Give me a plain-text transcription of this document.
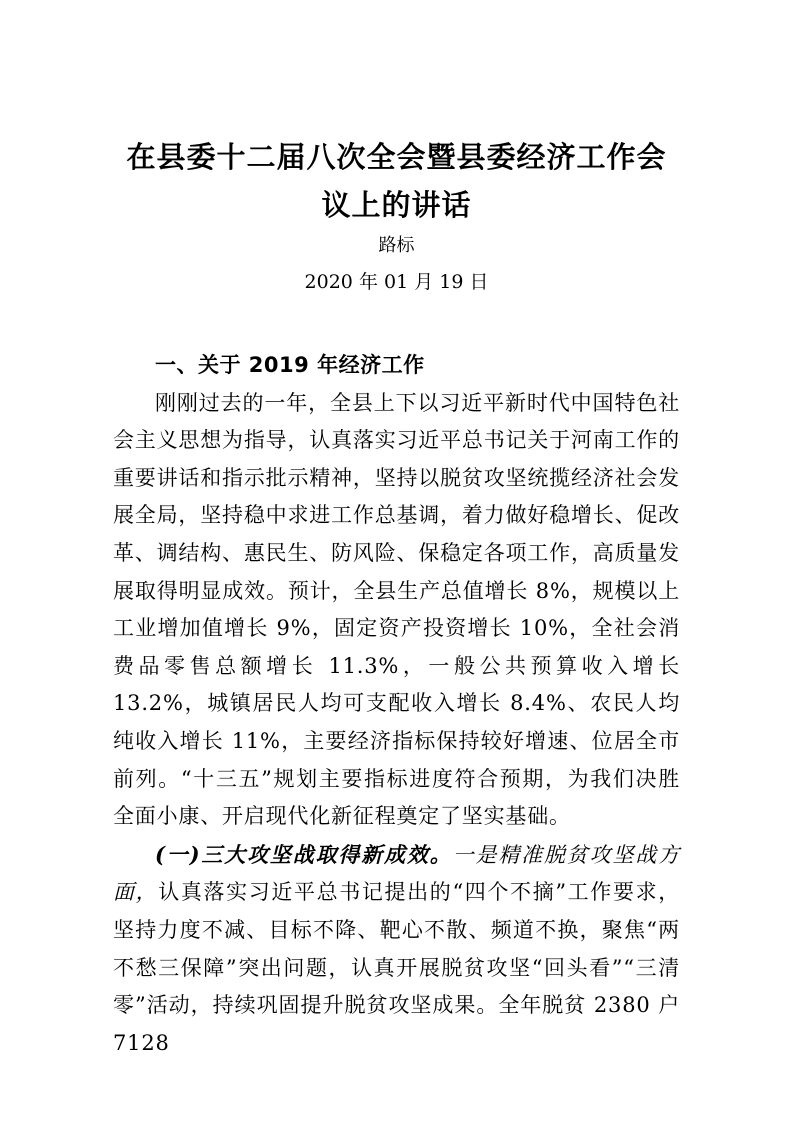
在县委十二届八次全会暨县委经济工作会议上的讲话
路标
2020 年 01 月 19 日
一、关于 2019 年经济工作

刚刚过去的一年，全县上下以习近平新时代中国特色社会主义思想为指导，认真落实习近平总书记关于河南工作的重要讲话和指示批示精神，坚持以脱贫攻坚统揽经济社会发展全局，坚持稳中求进工作总基调，着力做好稳增长、促改革、调结构、惠民生、防风险、保稳定各项工作，高质量发展取得明显成效。预计，全县生产总值增长 8%，规模以上工业增加值增长 9%，固定资产投资增长 10%，全社会消费品零售总额增长 11.3%，一般公共预算收入增长 13.2%，城镇居民人均可支配收入增长 8.4%、农民人均纯收入增长 11%，主要经济指标保持较好增速、位居全市前列。“十三五”规划主要指标进度符合预期，为我们决胜全面小康、开启现代化新征程奠定了坚实基础。

(一)三大攻坚战取得新成效。一是精准脱贫攻坚战方面，认真落实习近平总书记提出的“四个不摘”工作要求，坚持力度不减、目标不降、靶心不散、频道不换，聚焦“两不愁三保障”突出问题，认真开展脱贫攻坚“回头看”“三清零”活动，持续巩固提升脱贫攻坚成果。全年脱贫 2380 户 7128
